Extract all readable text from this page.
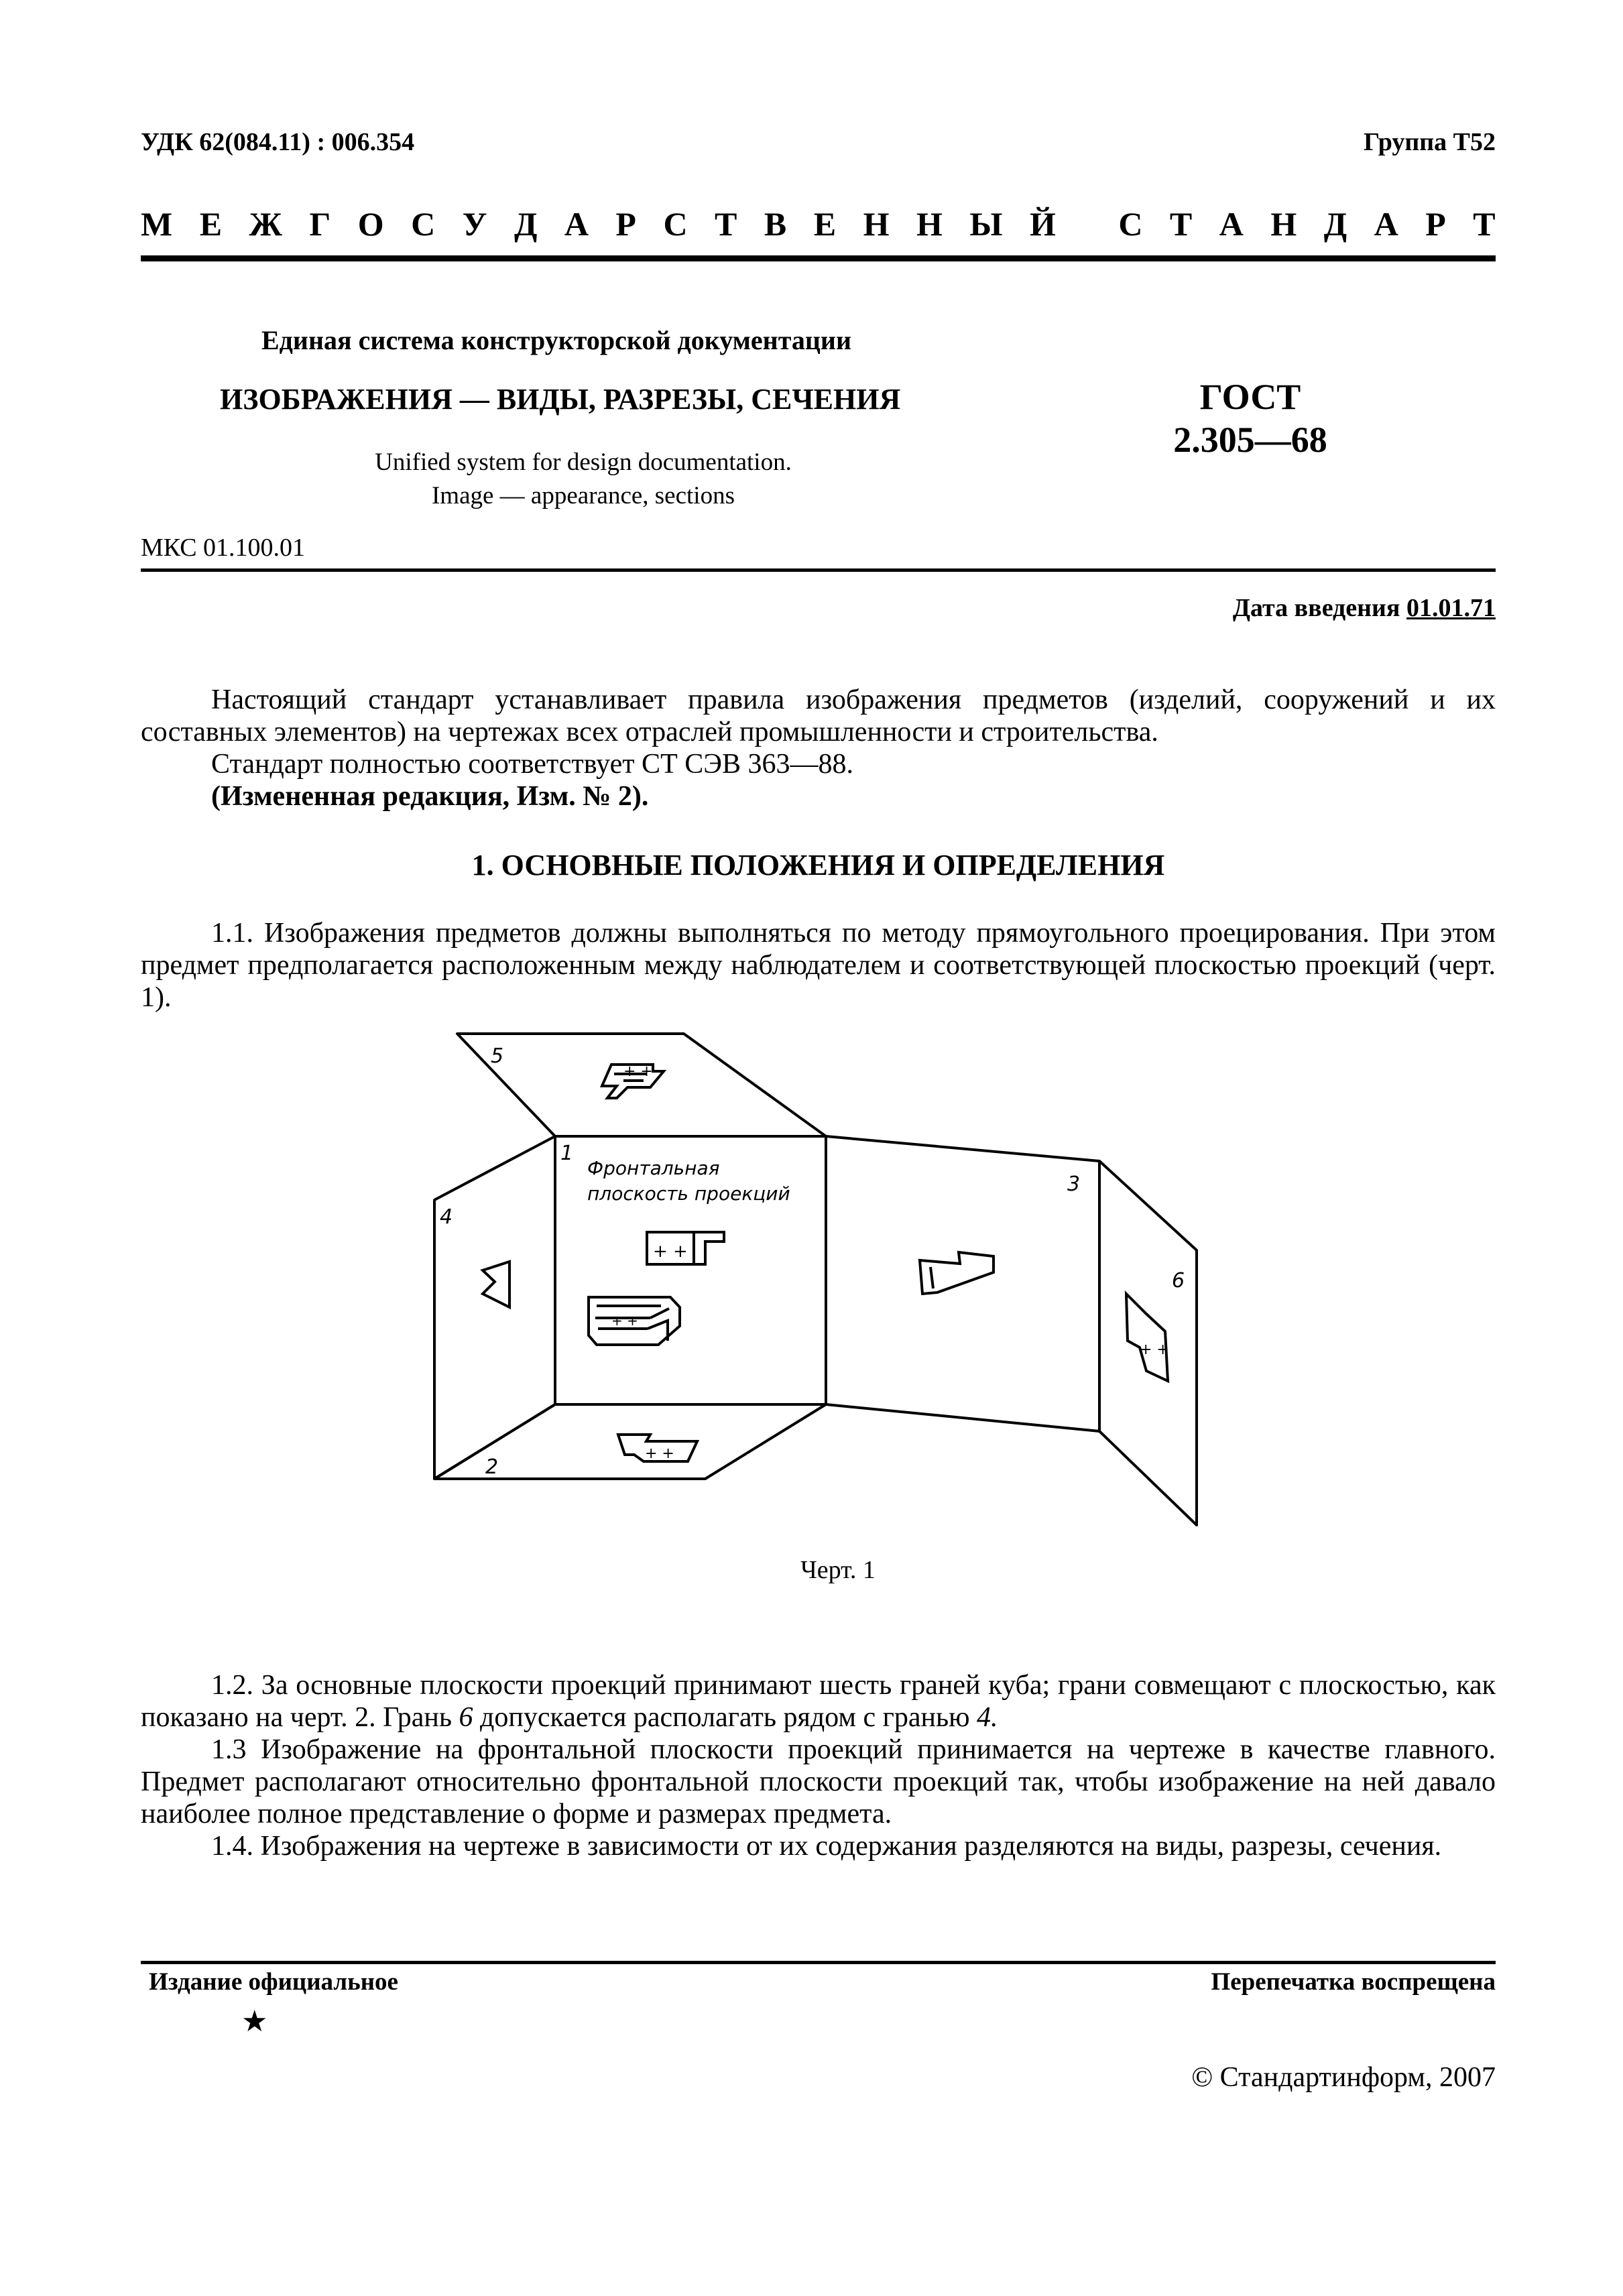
УДК 62(084.11) : 006.354	Группа Т52
М Е Ж Г О С У Д А Р С Т В Е Н Н Ы Й
С Т А Н Д А Р Т
Единая система конструкторской документации
ИЗОБРАЖЕНИЯ — ВИДЫ, РАЗРЕЗЫ, СЕЧЕНИЯ	ГОСТ
2.305—68
Unified system for design documentation.
Image — appearance, sections
МКС 01.100.01
Дата введения 01.01.71
Настоящий стандарт устанавливает правила изображения предметов (изделий, сооружений и их составных элементов) на чертежах всех отраслей промышленности и строительства.
Стандарт полностью соответствует СТ СЭВ 363—88.
(Измененная редакция, Изм. № 2).
1. ОСНОВНЫЕ ПОЛОЖЕНИЯ И ОПРЕДЕЛЕНИЯ
1.1. Изображения предметов должны выполняться по методу прямоугольного проецирования. При этом предмет предполагается расположенным между наблюдателем и соответствующей плоскостью проекций (черт. 1).
+ +
+ +
+ +
+ +
+ +
5
1
4
3
6
2
Фронтальная
плоскость проекций
Черт. 1
1.2. За основные плоскости проекций принимают шесть граней куба; грани совмещают с плоскостью, как показано на черт. 2. Грань 6 допускается располагать рядом с гранью 4.
1.3 Изображение на фронтальной плоскости проекций принимается на чертеже в качестве главного. Предмет располагают относительно фронтальной плоскости проекций так, чтобы изображение на ней давало наиболее полное представление о форме и размерах предмета.
1.4. Изображения на чертеже в зависимости от их содержания разделяются на виды, разрезы, сечения.
Издание официальное	Перепечатка воспрещена
★
© Стандартинформ, 2007
